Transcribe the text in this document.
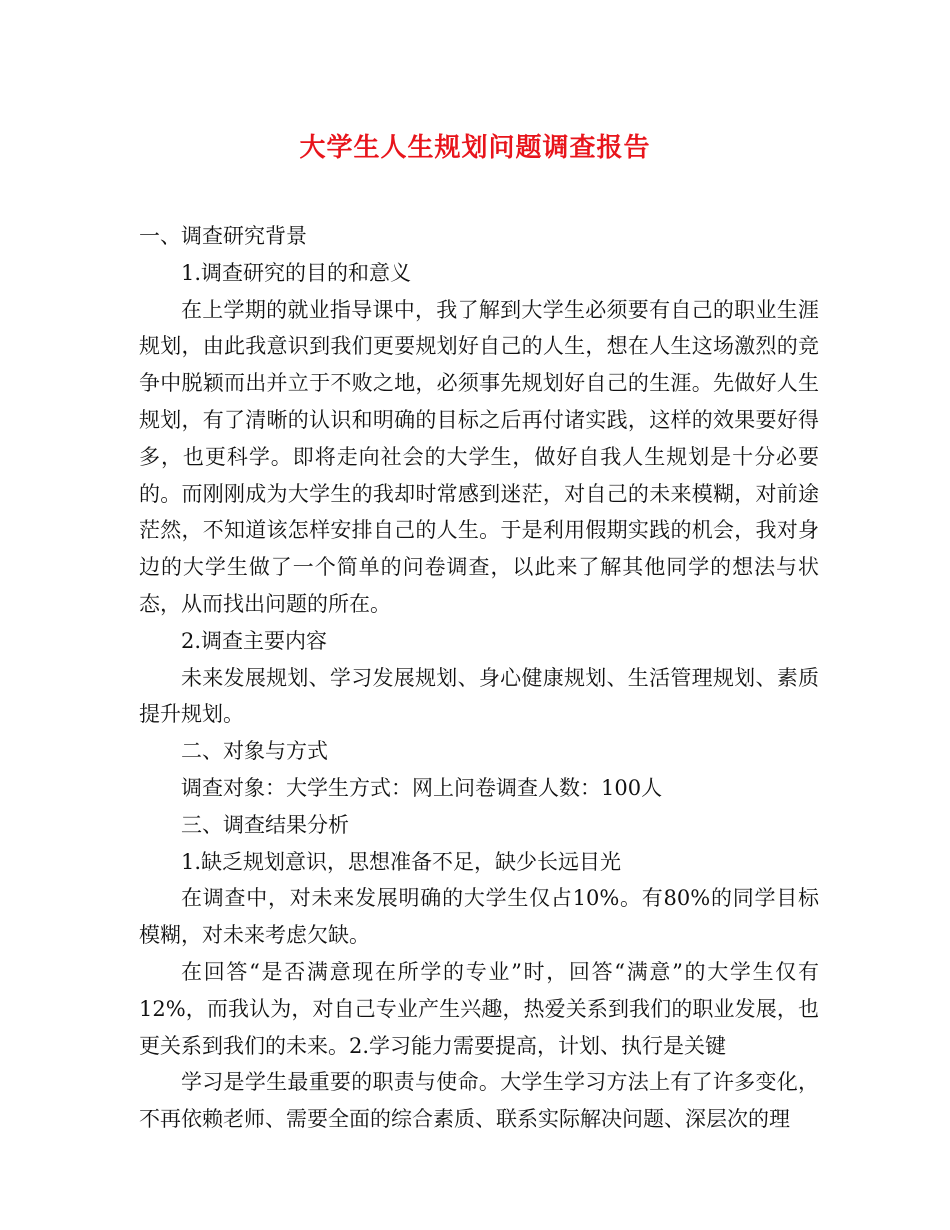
大学生人生规划问题调查报告

一、调查研究背景

1.调查研究的目的和意义

在上学期的就业指导课中，我了解到大学生必须要有自己的职业生涯规划，由此我意识到我们更要规划好自己的人生，想在人生这场激烈的竞争中脱颖而出并立于不败之地，必须事先规划好自己的生涯。先做好人生规划，有了清晰的认识和明确的目标之后再付诸实践，这样的效果要好得多，也更科学。即将走向社会的大学生，做好自我人生规划是十分必要的。而刚刚成为大学生的我却时常感到迷茫，对自己的未来模糊，对前途茫然，不知道该怎样安排自己的人生。于是利用假期实践的机会，我对身边的大学生做了一个简单的问卷调查，以此来了解其他同学的想法与状态，从而找出问题的所在。

2.调查主要内容

未来发展规划、学习发展规划、身心健康规划、生活管理规划、素质提升规划。

二、对象与方式

调查对象：大学生方式：网上问卷调查人数：100人

三、调查结果分析

1.缺乏规划意识，思想准备不足，缺少长远目光

在调查中，对未来发展明确的大学生仅占10%。有80%的同学目标模糊，对未来考虑欠缺。

在回答“是否满意现在所学的专业”时，回答“满意”的大学生仅有12%，而我认为，对自己专业产生兴趣，热爱关系到我们的职业发展，也更关系到我们的未来。2.学习能力需要提高，计划、执行是关键

学习是学生最重要的职责与使命。大学生学习方法上有了许多变化，不再依赖老师、需要全面的综合素质、联系实际解决问题、深层次的理
